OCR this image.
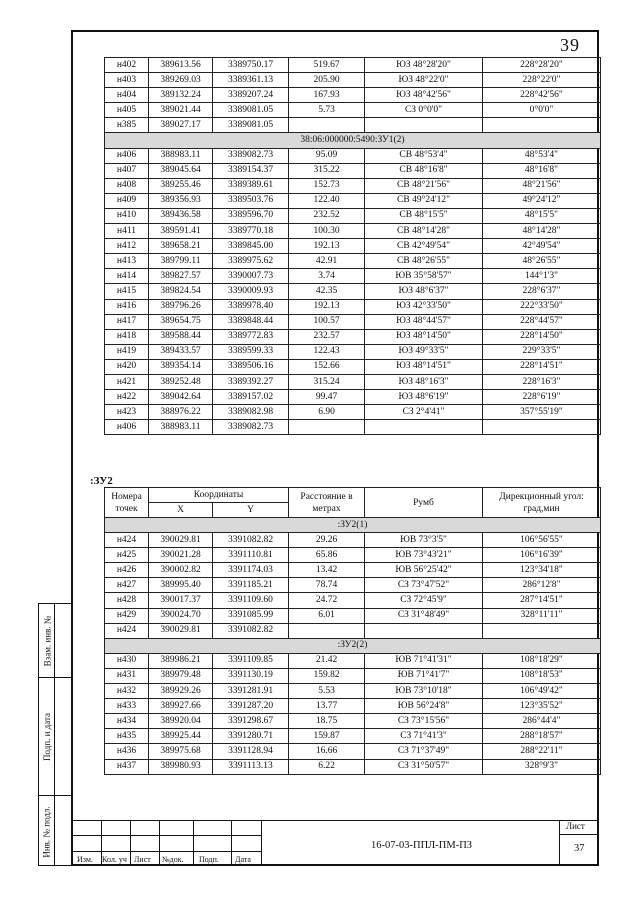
39
н402	389613.56	3389750.17	519.67	ЮЗ 48°28'20"	228°28'20"
н403	389269.03	3389361.13	205.90	ЮЗ 48°22'0"	228°22'0"
н404	389132.24	3389207.24	167.93	ЮЗ 48°42'56"	228°42'56"
н405	389021.44	3389081.05	5.73	СЗ 0°0'0"	0°0'0"
н385	389027.17	3389081.05			
38:06:000000:5490:ЗУ1(2)					
н406	388983.11	3389082.73	95.09	СВ 48°53'4"	48°53'4"
н407	389045.64	3389154.37	315.22	СВ 48°16'8"	48°16'8"
н408	389255.46	3389389.61	152.73	СВ 48°21'56"	48°21'56"
н409	389356.93	3389503.76	122.40	СВ 49°24'12"	49°24'12"
н410	389436.58	3389596.70	232.52	СВ 48°15'5"	48°15'5"
н411	389591.41	3389770.18	100.30	СВ 48°14'28"	48°14'28"
н412	389658.21	3389845.00	192.13	СВ 42°49'54"	42°49'54"
н413	389799.11	3389975.62	42.91	СВ 48°26'55"	48°26'55"
н414	389827.57	3390007.73	3.74	ЮВ 35°58'57"	144°1'3"
н415	389824.54	3390009.93	42.35	ЮЗ 48°6'37"	228°6'37"
н416	389796.26	3389978.40	192.13	ЮЗ 42°33'50"	222°33'50"
н417	389654.75	3389848.44	100.57	ЮЗ 48°44'57"	228°44'57"
н418	389588.44	3389772.83	232.57	ЮЗ 48°14'50"	228°14'50"
н419	389433.57	3389599.33	122.43	ЮЗ 49°33'5"	229°33'5"
н420	389354.14	3389506.16	152.66	ЮЗ 48°14'51"	228°14'51"
н421	389252.48	3389392.27	315.24	ЮЗ 48°16'3"	228°16'3"
н422	389042.64	3389157.02	99.47	ЮЗ 48°6'19"	228°6'19"
н423	388976.22	3389082.98	6.90	СЗ 2°4'41"	357°55'19"
н406	388983.11	3389082.73			
:ЗУ2
Номера точек	Координаты		Расстояние в метрах	Румб	Дирекционный угол: град,мин
	X	Y			
:ЗУ2(1)					
н424	390029.81	3391082.82	29.26	ЮВ 73°3'5"	106°56'55"
н425	390021.28	3391110.81	65.86	ЮВ 73°43'21"	106°16'39"
н426	390002.82	3391174.03	13.42	ЮВ 56°25'42"	123°34'18"
н427	389995.40	3391185.21	78.74	СЗ 73°47'52"	286°12'8"
н428	390017.37	3391109.60	24.72	СЗ 72°45'9"	287°14'51"
н429	390024.70	3391085.99	6.01	СЗ 31°48'49"	328°11'11"
н424	390029.81	3391082.82			
:ЗУ2(2)					
н430	389986.21	3391109.85	21.42	ЮВ 71°41'31"	108°18'29"
н431	389979.48	3391130.19	159.82	ЮВ 71°41'7"	108°18'53"
н432	389929.26	3391281.91	5.53	ЮВ 73°10'18"	106°49'42"
н433	389927.66	3391287.20	13.77	ЮВ 56°24'8"	123°35'52"
н434	389920.04	3391298.67	18.75	СЗ 73°15'56"	286°44'4"
н435	389925.44	3391280.71	159.87	СЗ 71°41'3"	288°18'57"
н436	389975.68	3391128.94	16.66	СЗ 71°37'49"	288°22'11"
н437	389980.93	3391113.13	6.22	СЗ 31°50'57"	328°9'3"
Взам. инв. №
Подп. и дата
Инв. № подл.
Изм. Кол. уч Лист №док. Подп. Дата
16-07-03-ППЛ-ПМ-ПЗ
Лист
37
